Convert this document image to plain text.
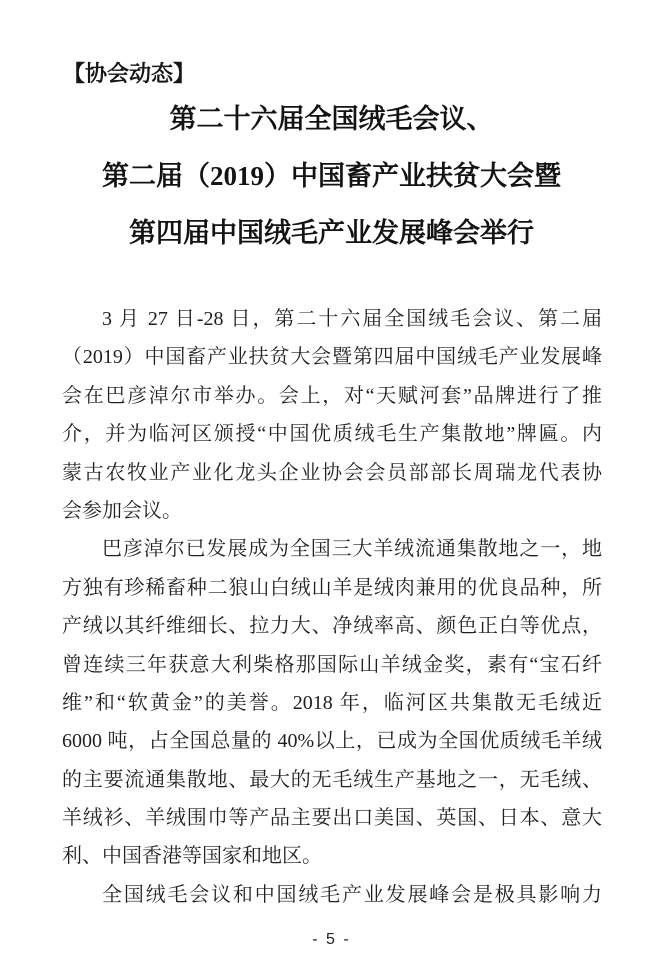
【协会动态】
第二十六届全国绒毛会议、
第二届（2019）中国畜产业扶贫大会暨
第四届中国绒毛产业发展峰会举行
3 月 27 日-28 日，第二十六届全国绒毛会议、第二届
（2019）中国畜产业扶贫大会暨第四届中国绒毛产业发展峰
会在巴彦淖尔市举办。会上，对“天赋河套”品牌进行了推
介，并为临河区颁授“中国优质绒毛生产集散地”牌匾。内
蒙古农牧业产业化龙头企业协会会员部部长周瑞龙代表协
会参加会议。
巴彦淖尔已发展成为全国三大羊绒流通集散地之一，地
方独有珍稀畜种二狼山白绒山羊是绒肉兼用的优良品种，所
产绒以其纤维细长、拉力大、净绒率高、颜色正白等优点，
曾连续三年获意大利柴格那国际山羊绒金奖，素有“宝石纤
维”和“软黄金”的美誉。2018 年，临河区共集散无毛绒近
6000 吨，占全国总量的 40%以上，已成为全国优质绒毛羊绒
的主要流通集散地、最大的无毛绒生产基地之一，无毛绒、
羊绒衫、羊绒围巾等产品主要出口美国、英国、日本、意大
利、中国香港等国家和地区。
全国绒毛会议和中国绒毛产业发展峰会是极具影响力
- 5 -
